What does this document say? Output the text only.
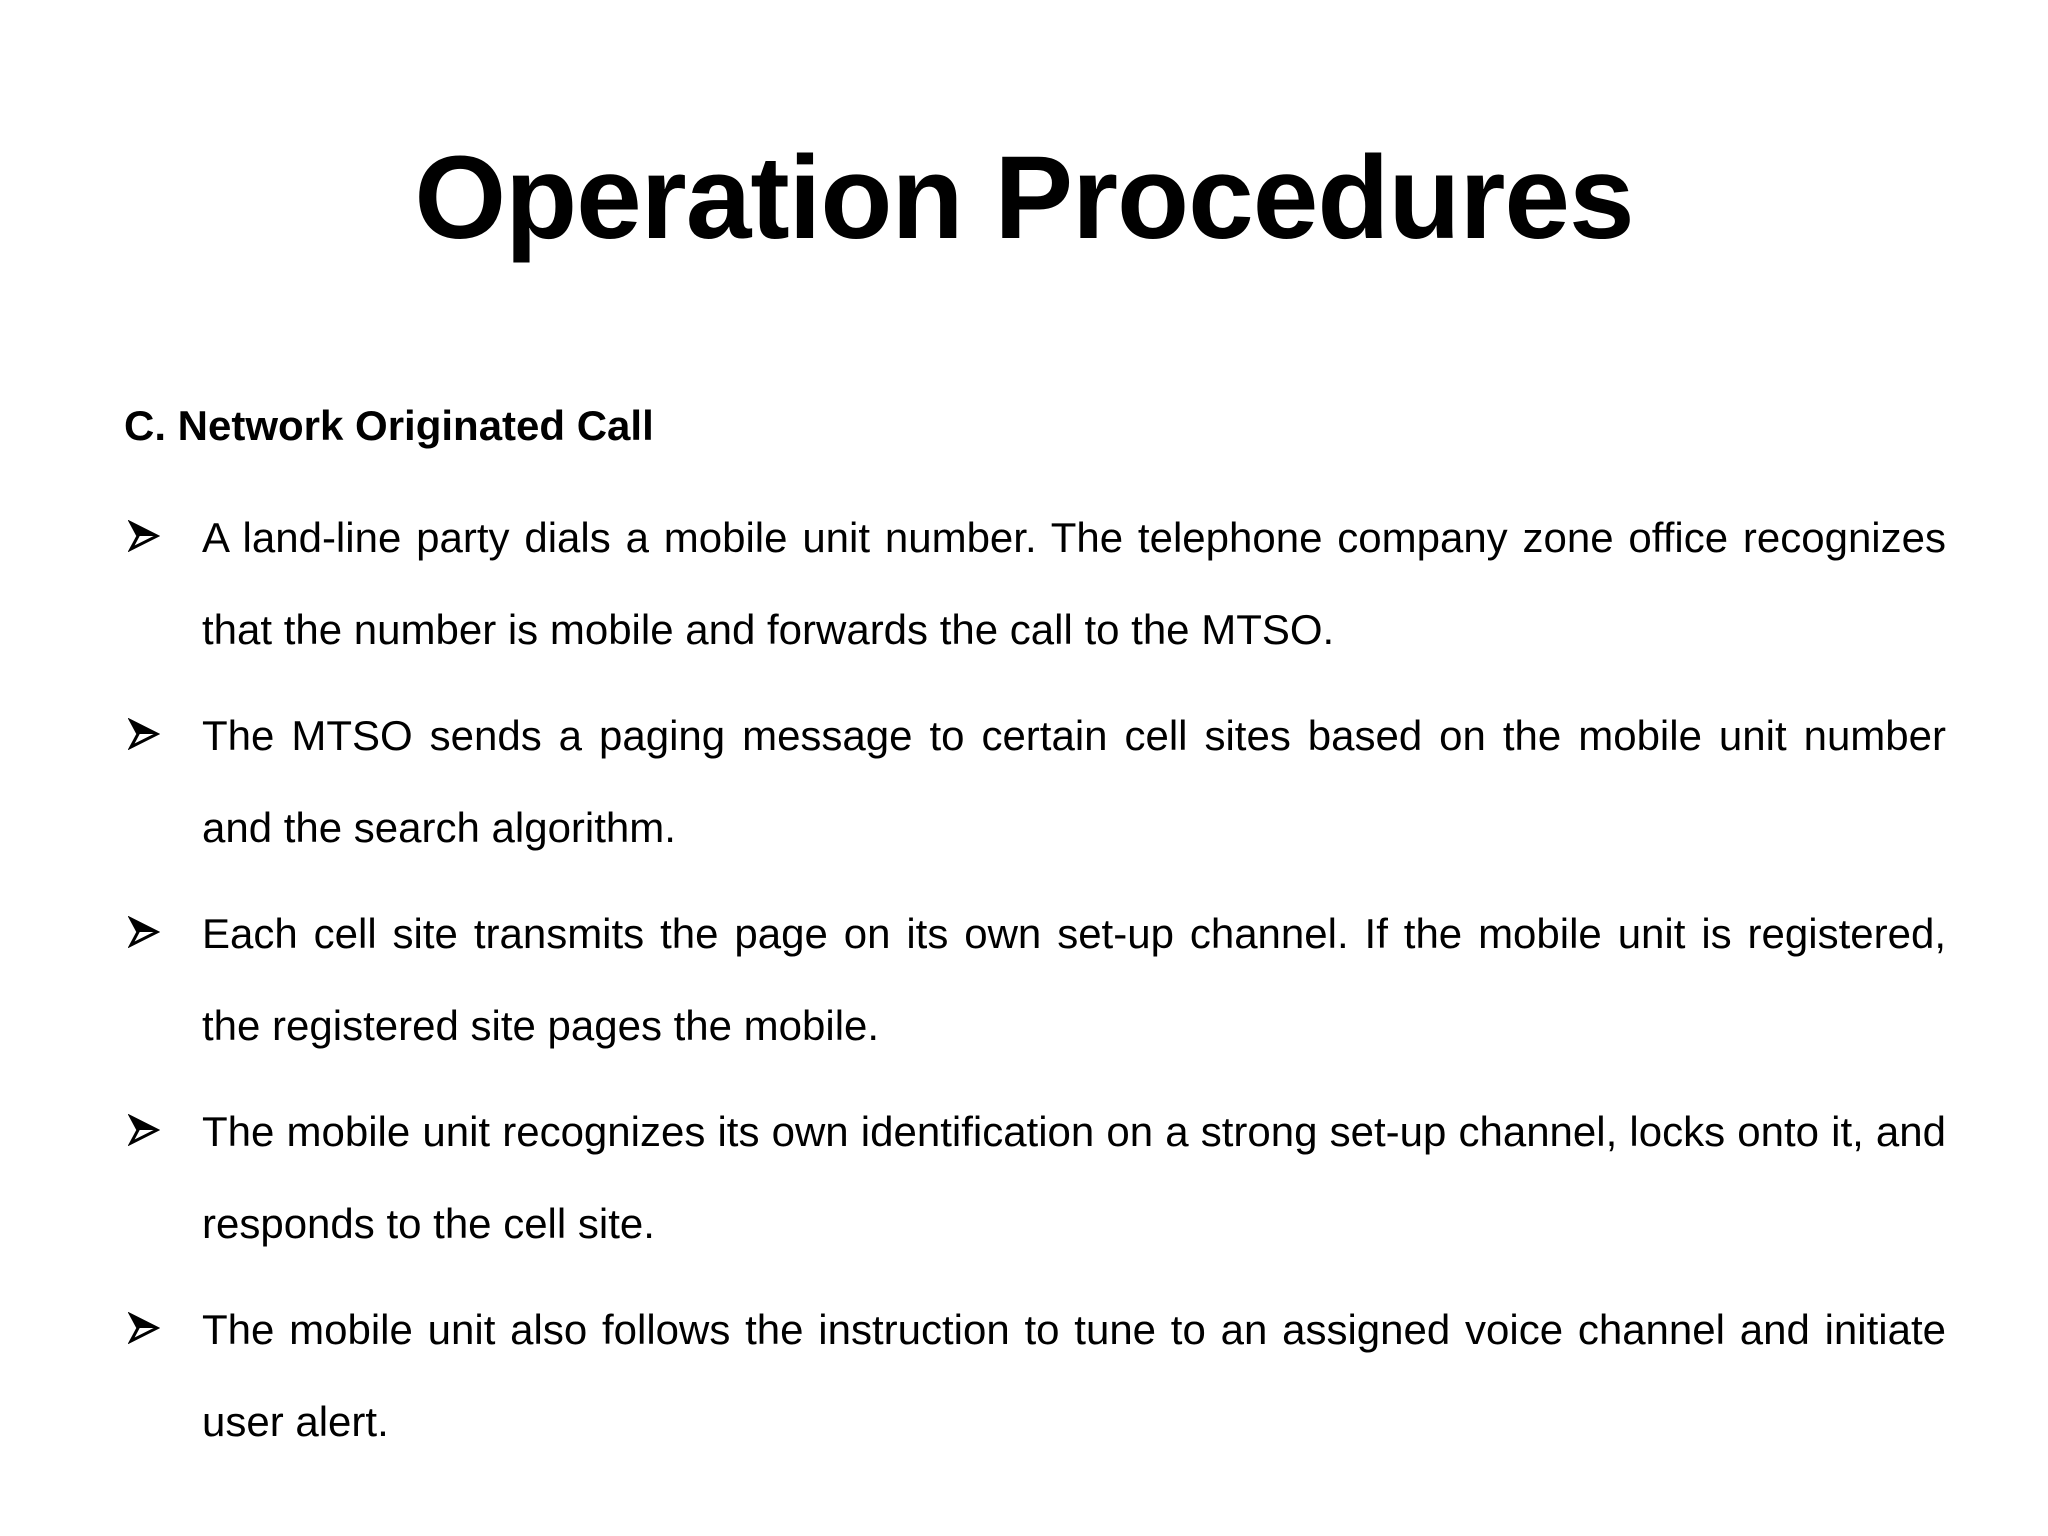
Operation Procedures

C. Network Originated Call

A land-line party dials a mobile unit number. The telephone company zone office recognizes that the number is mobile and forwards the call to the MTSO.
The MTSO sends a paging message to certain cell sites based on the mobile unit number and the search algorithm.
Each cell site transmits the page on its own set-up channel. If the mobile unit is registered, the registered site pages the mobile.
The mobile unit recognizes its own identification on a strong set-up channel, locks onto it, and responds to the cell site.
The mobile unit also follows the instruction to tune to an assigned voice channel and initiate user alert.
